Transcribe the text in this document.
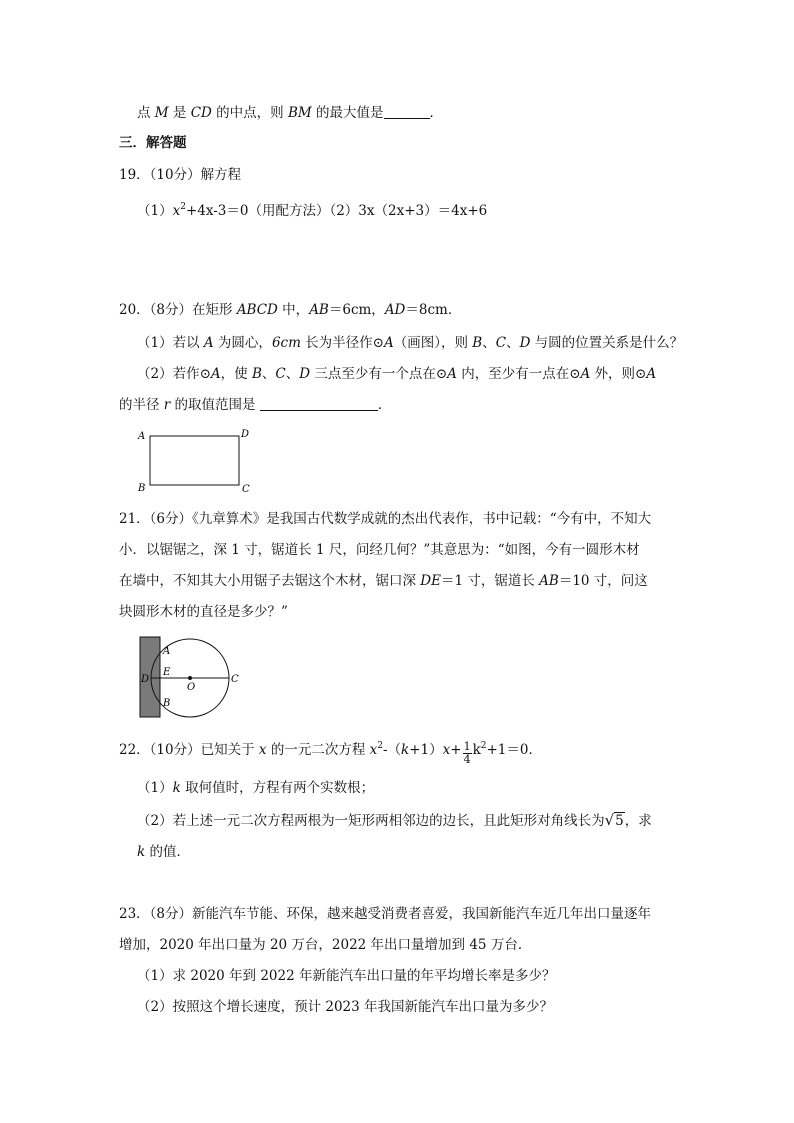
点 M 是 CD 的中点，则 BM 的最大值是	．
三．解答题
19．（10分）解方程
$(1)x^2+4x-3=0$（用配方法）（2）3x（2x+3）＝4x+6
20．（8分）在矩形 ABCD 中，AB＝6cm，AD＝8cm．
（1）若以 A 为圆心，6cm 长为半径作⊙A（画图），则 B、C、D 与圆的位置关系是什么？
（2）若作⊙A，使 B、C、D 三点至少有一个点在⊙A 内，至少有一点在⊙A 外，则⊙A
的半径 r 的取值范围是	．
A	D
B	C
21．（6分）《九章算术》是我国古代数学成就的杰出代表作，书中记载：“今有中，不知大
小．以锯锯之，深 1 寸，锯道长 1 尺，问经几何？”其意思为：“如图，今有一圆形木材
在墙中，不知其大小用锯子去锯这个木材，锯口深 DE＝1 寸，锯道长 AB＝10 寸，问这
块圆形木材的直径是多少？”
A
E
D
O
C
B
22．（10分）已知关于 x 的一元二次方程 $x^2-(k+1)x+ \frac{1}{4} k^2+1=0$．
（1）k 取何值时，方程有两个实数根；
（2）若上述一元二次方程两根为一矩形两相邻边的边长，且此矩形对角线长为√5，求
k 的值．
23．（8分）新能汽车节能、环保，越来越受消费者喜爱，我国新能汽车近几年出口量逐年
增加，2020 年出口量为 20 万台，2022 年出口量增加到 45 万台．
（1）求 2020 年到 2022 年新能汽车出口量的年平均增长率是多少？
（2）按照这个增长速度，预计 2023 年我国新能汽车出口量为多少？
